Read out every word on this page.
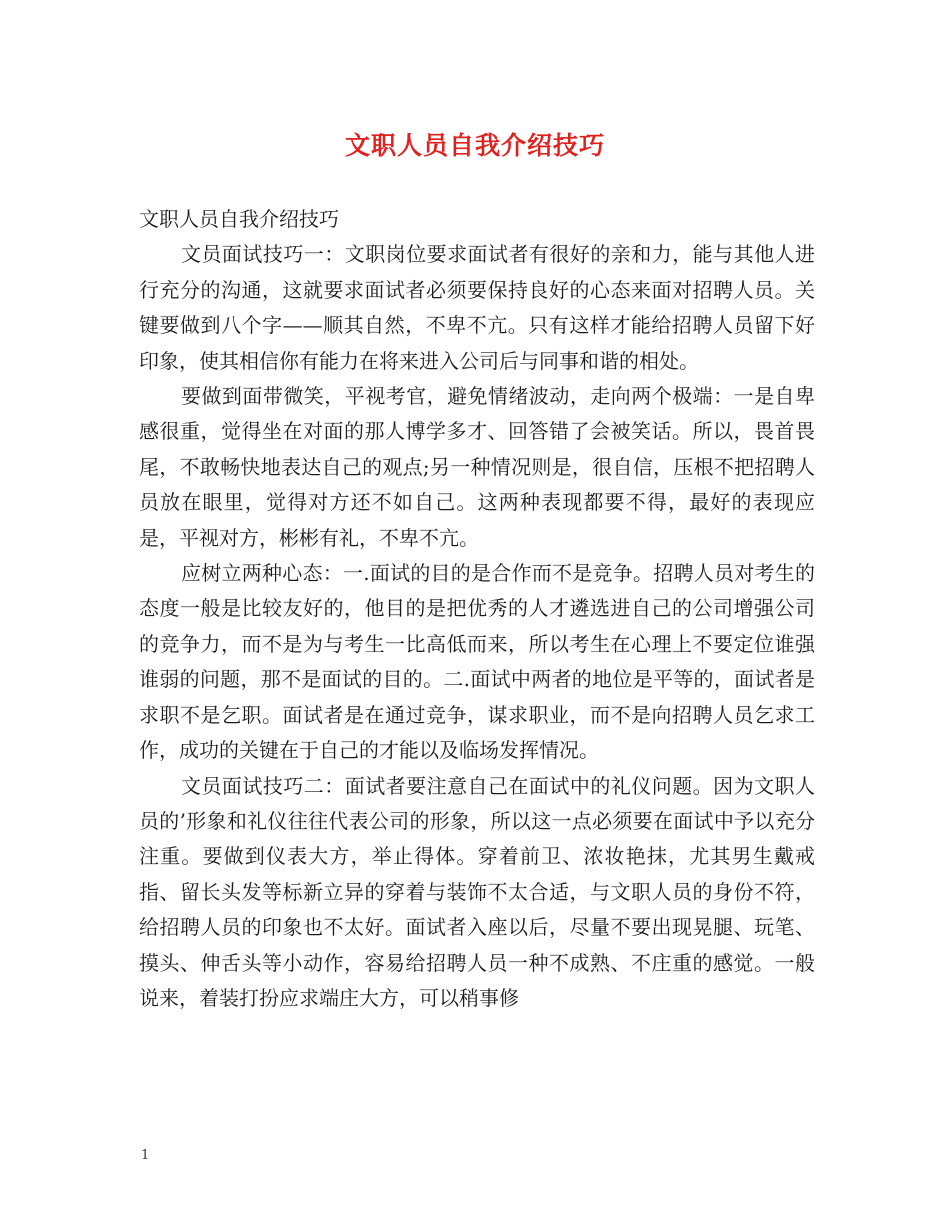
文职人员自我介绍技巧

文职人员自我介绍技巧

文员面试技巧一：文职岗位要求面试者有很好的亲和力，能与其他人进行充分的沟通，这就要求面试者必须要保持良好的心态来面对招聘人员。关键要做到八个字——顺其自然，不卑不亢。只有这样才能给招聘人员留下好印象，使其相信你有能力在将来进入公司后与同事和谐的相处。

要做到面带微笑，平视考官，避免情绪波动，走向两个极端：一是自卑感很重，觉得坐在对面的那人博学多才、回答错了会被笑话。所以，畏首畏尾，不敢畅快地表达自己的观点;另一种情况则是，很自信，压根不把招聘人员放在眼里，觉得对方还不如自己。这两种表现都要不得，最好的表现应是，平视对方，彬彬有礼，不卑不亢。

应树立两种心态：一.面试的目的是合作而不是竞争。招聘人员对考生的态度一般是比较友好的，他目的是把优秀的人才遴选进自己的公司增强公司的竞争力，而不是为与考生一比高低而来，所以考生在心理上不要定位谁强谁弱的问题，那不是面试的目的。二.面试中两者的地位是平等的，面试者是求职不是乞职。面试者是在通过竞争，谋求职业，而不是向招聘人员乞求工作，成功的关键在于自己的才能以及临场发挥情况。

文员面试技巧二：面试者要注意自己在面试中的礼仪问题。因为文职人员的’形象和礼仪往往代表公司的形象，所以这一点必须要在面试中予以充分注重。要做到仪表大方，举止得体。穿着前卫、浓妆艳抹，尤其男生戴戒指、留长头发等标新立异的穿着与装饰不太合适，与文职人员的身份不符，给招聘人员的印象也不太好。面试者入座以后，尽量不要出现晃腿、玩笔、摸头、伸舌头等小动作，容易给招聘人员一种不成熟、不庄重的感觉。一般说来，着装打扮应求端庄大方，可以稍事修

1
